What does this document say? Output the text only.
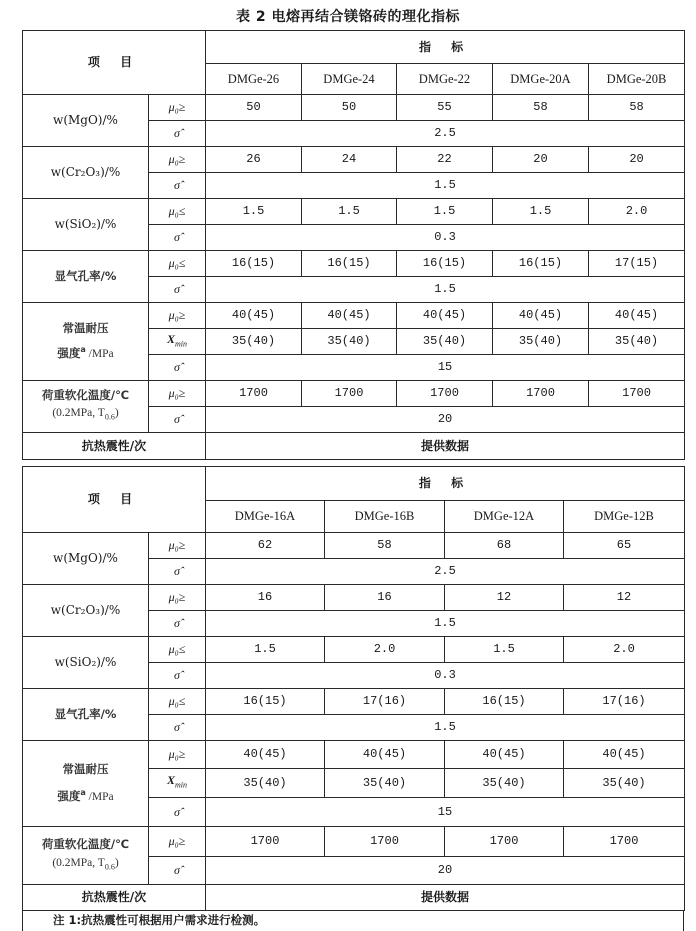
表 2 电熔再结合镁铬砖的理化指标
项 目		指 标				
		DMGe-26	DMGe-24	DMGe-22	DMGe-20A	DMGe-20B
w(MgO)/%	μ₀≥	50	50	55	58	58
	σ̂	2.5				
w(Cr₂O₃)/%	μ₀≥	26	24	22	20	20
	σ̂	1.5				
w(SiO₂)/%	μ₀≤	1.5	1.5	1.5	1.5	2.0
	σ̂	0.3				
显气孔率/%	μ₀≤	16(15)	16(15)	16(15)	16(15)	17(15)
	σ̂	1.5				

常温耐压
强度$^a$ /MPa	μ₀≥	40(45)	40(45)	40(45)	40(45)	40(45)
	$X_{min}$	35(40)	35(40)	35(40)	35(40)	35(40)
	σ̂	15				

荷重软化温度/℃
(0.2MPa, $T_{0.6}$)	μ₀≥	1700	1700	1700	1700	1700
	σ̂	20				
抗热震性/次		提供数据				
项 目		指 标			
		DMGe-16A	DMGe-16B	DMGe-12A	DMGe-12B
w(MgO)/%	μ₀≥	62	58	68	65
	σ̂	2.5			
w(Cr₂O₃)/%	μ₀≥	16	16	12	12
	σ̂	1.5			
w(SiO₂)/%	μ₀≤	1.5	2.0	1.5	2.0
	σ̂	0.3			
显气孔率/%	μ₀≤	16(15)	17(16)	16(15)	17(16)
	σ̂	1.5			

常温耐压
强度$^a$ /MPa	μ₀≥	40(45)	40(45)	40(45)	40(45)
	$X_{min}$	35(40)	35(40)	35(40)	35(40)
	σ̂	15			

荷重软化温度/℃
(0.2MPa, $T_{0.6}$)	μ₀≥	1700	1700	1700	1700
	σ̂	20			
抗热震性/次		提供数据			
注 1:抗热震性可根据用户需求进行检测。
